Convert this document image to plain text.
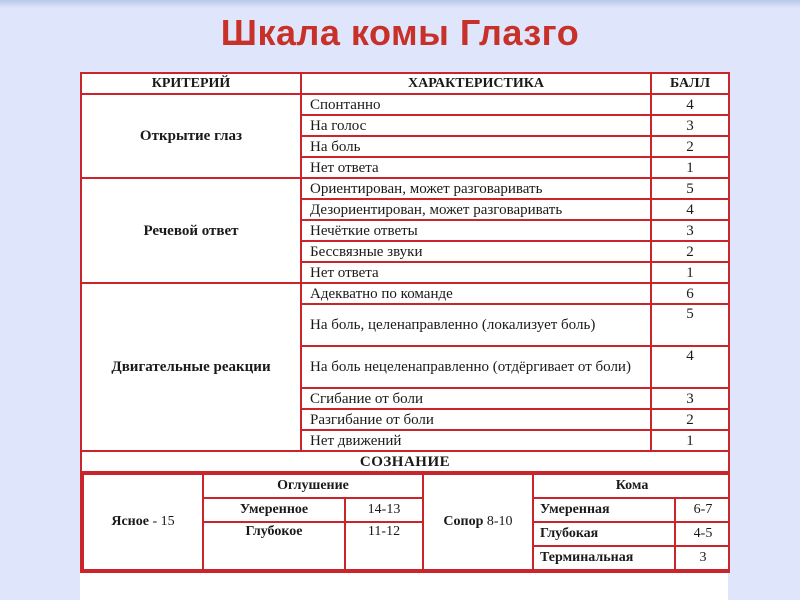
Шкала комы Глазго
КРИТЕРИЙ	ХАРАКТЕРИСТИКА	БАЛЛ
Открытие глаз	Спонтанно	4
На голос	3
На боль	2
Нет ответа	1
Речевой ответ	Ориентирован, может разговаривать	5
Дезориентирован, может разговаривать	4
Нечёткие ответы	3
Бессвязные звуки	2
Нет ответа	1
Двигательные реакции	Адекватно по команде	6
На боль, целенаправленно (локализует боль)	5
На боль нецеленаправленно (отдёргивает от боли)	4
Сгибание от боли	3
Разгибание от боли	2
Нет движений	1
СОЗНАНИЕ

Ясное - 15	Оглушение	Сопор 8-10	Кома
Умеренное	14-13	Умеренная	6-7
Глубокое	11-12	Глубокая	4-5
Терминальная	3
